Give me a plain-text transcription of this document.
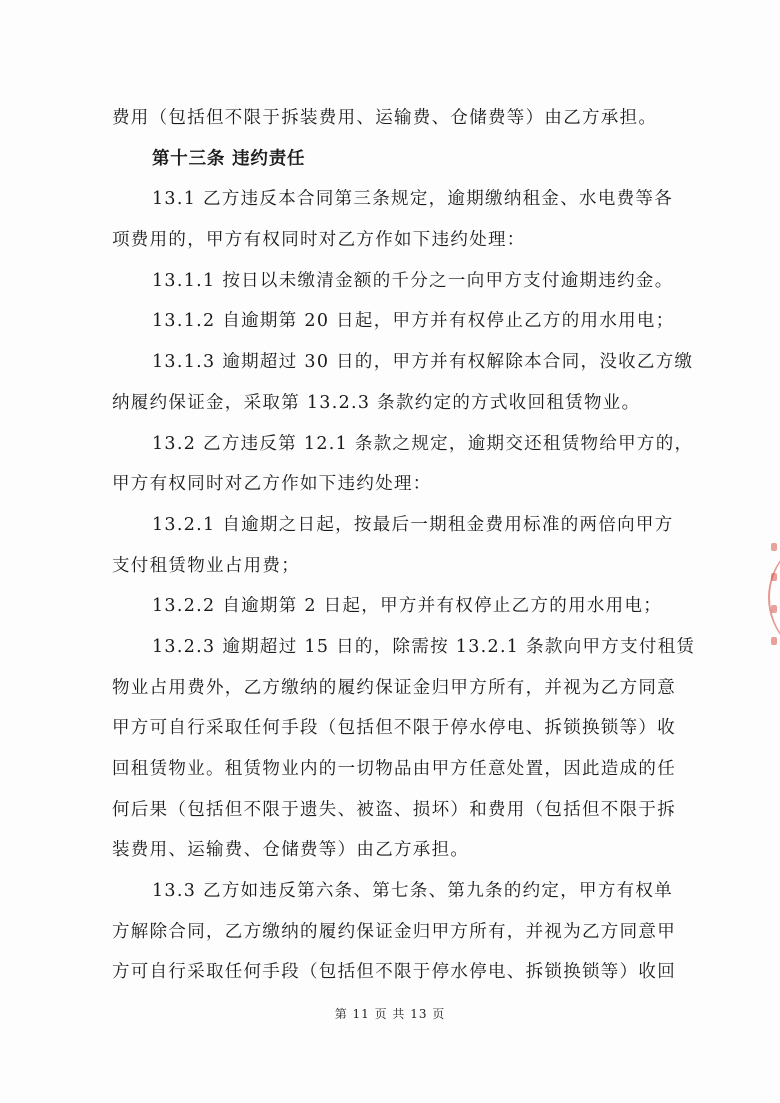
费用（包括但不限于拆装费用、运输费、仓储费等）由乙方承担。
第十三条 违约责任
13.1 乙方违反本合同第三条规定，逾期缴纳租金、水电费等各
项费用的，甲方有权同时对乙方作如下违约处理：
13.1.1 按日以未缴清金额的千分之一向甲方支付逾期违约金。
13.1.2 自逾期第 20 日起，甲方并有权停止乙方的用水用电；
13.1.3 逾期超过 30 日的，甲方并有权解除本合同，没收乙方缴
纳履约保证金，采取第 13.2.3 条款约定的方式收回租赁物业。
13.2 乙方违反第 12.1 条款之规定，逾期交还租赁物给甲方的，
甲方有权同时对乙方作如下违约处理：
13.2.1 自逾期之日起，按最后一期租金费用标准的两倍向甲方
支付租赁物业占用费；
13.2.2 自逾期第 2 日起，甲方并有权停止乙方的用水用电；
13.2.3 逾期超过 15 日的，除需按 13.2.1 条款向甲方支付租赁
物业占用费外，乙方缴纳的履约保证金归甲方所有，并视为乙方同意
甲方可自行采取任何手段（包括但不限于停水停电、拆锁换锁等）收
回租赁物业。租赁物业内的一切物品由甲方任意处置，因此造成的任
何后果（包括但不限于遗失、被盗、损坏）和费用（包括但不限于拆
装费用、运输费、仓储费等）由乙方承担。
13.3 乙方如违反第六条、第七条、第九条的约定，甲方有权单
方解除合同，乙方缴纳的履约保证金归甲方所有，并视为乙方同意甲
方可自行采取任何手段（包括但不限于停水停电、拆锁换锁等）收回
第 11 页 共 13 页
